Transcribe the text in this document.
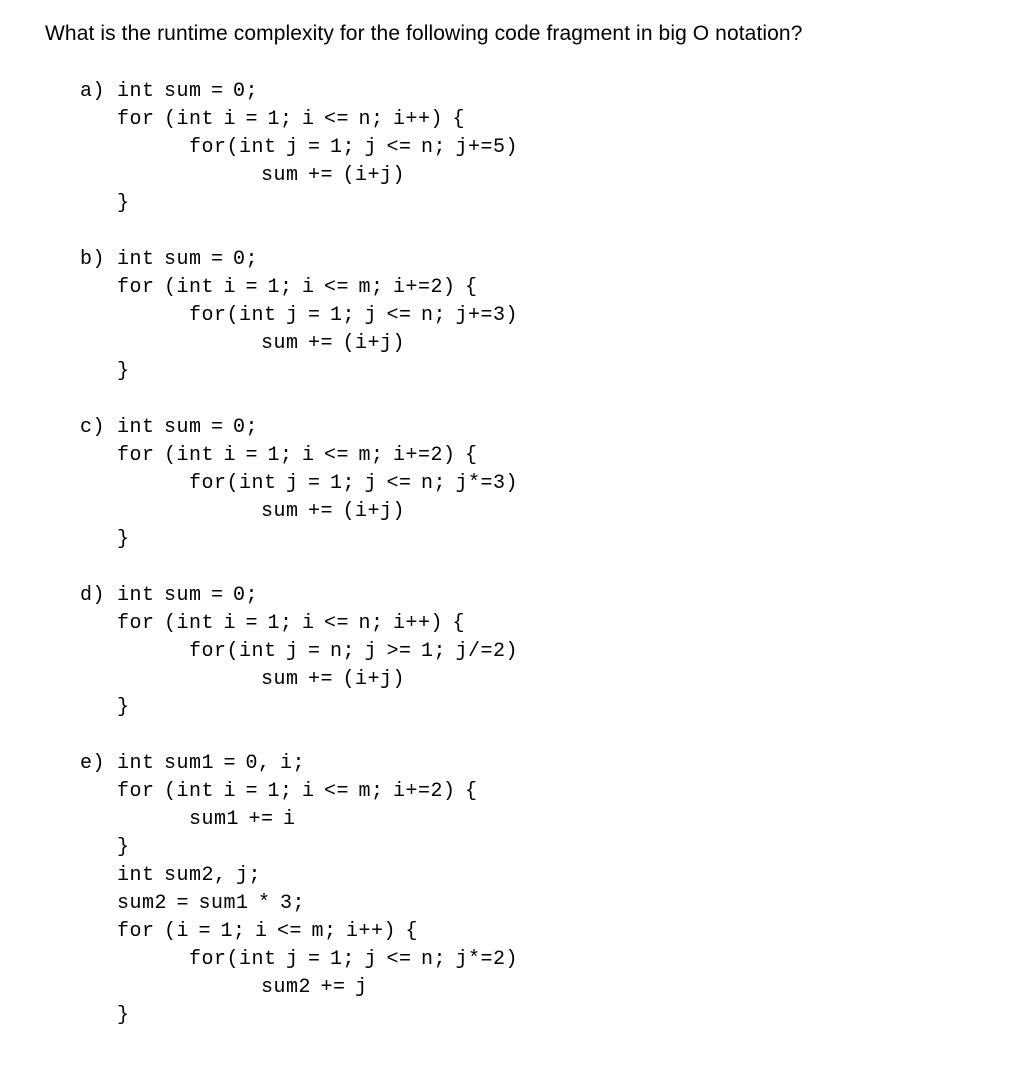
What is the runtime complexity for the following code fragment in big O notation?
a) int sum = 0;
for (int i = 1; i <= n; i++) {
for(int j = 1; j <= n; j+=5)
sum += (i+j)
}
b) int sum = 0;
for (int i = 1; i <= m; i+=2) {
for(int j = 1; j <= n; j+=3)
sum += (i+j)
}
c) int sum = 0;
for (int i = 1; i <= m; i+=2) {
for(int j = 1; j <= n; j*=3)
sum += (i+j)
}
d) int sum = 0;
for (int i = 1; i <= n; i++) {
for(int j = n; j >= 1; j/=2)
sum += (i+j)
}
e) int sum1 = 0, i;
for (int i = 1; i <= m; i+=2) {
sum1 += i
}
int sum2, j;
sum2 = sum1 * 3;
for (i = 1; i <= m; i++) {
for(int j = 1; j <= n; j*=2)
sum2 += j
}
